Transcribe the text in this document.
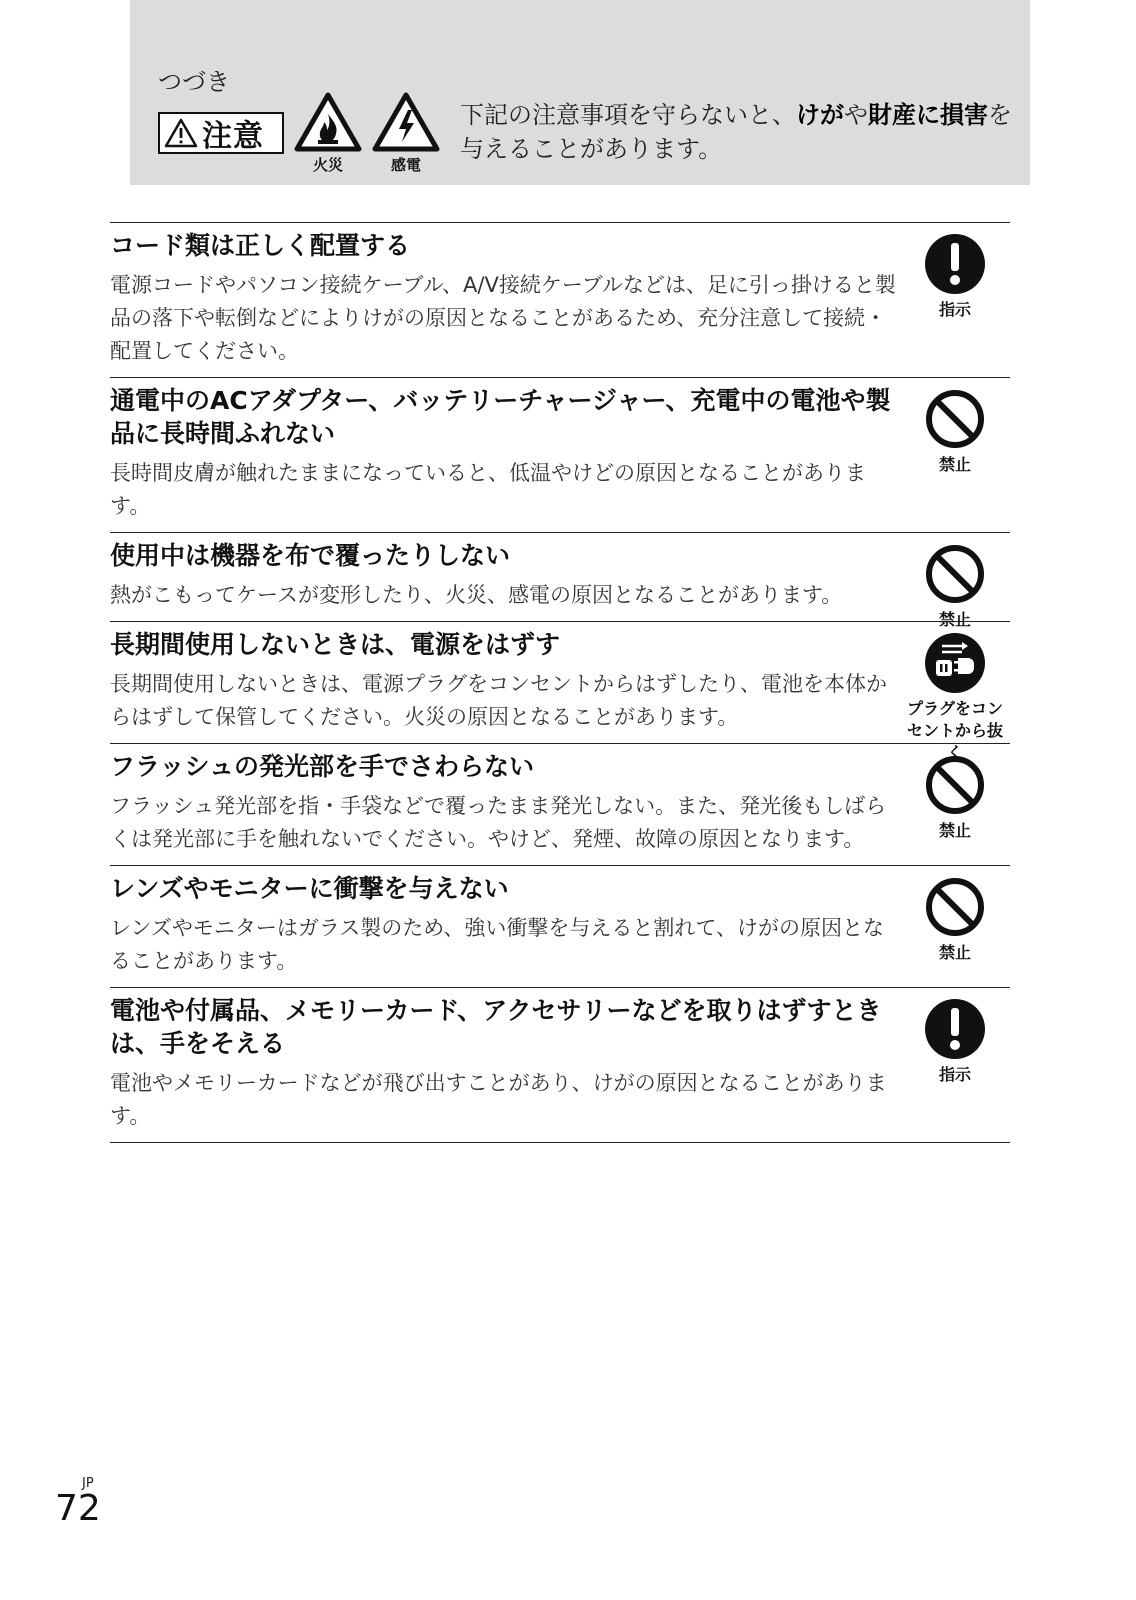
つづき
注意
火災	感電
下記の注意事項を守らないと、けがや財産に損害を与えることがあります。
コード類は正しく配置する

電源コードやパソコン接続ケーブル、A/V接続ケーブルなどは、足に引っ掛けると製品の落下や転倒などによりけがの原因となることがあるため、充分注意して接続・配置してください。

指示
通電中のACアダプター、バッテリーチャージャー、充電中の電池や製品に長時間ふれない

長時間皮膚が触れたままになっていると、低温やけどの原因となることがあります。

禁止
使用中は機器を布で覆ったりしない

熱がこもってケースが変形したり、火災、感電の原因となることがあります。

禁止
長期間使用しないときは、電源をはずす

長期間使用しないときは、電源プラグをコンセントからはずしたり、電池を本体からはずして保管してください。火災の原因となることがあります。	プラグをコンセントから抜く
フラッシュの発光部を手でさわらない

フラッシュ発光部を指・手袋などで覆ったまま発光しない。また、発光後もしばらくは発光部に手を触れないでください。やけど、発煙、故障の原因となります。	禁止
レンズやモニターに衝撃を与えない

レンズやモニターはガラス製のため、強い衝撃を与えると割れて、けがの原因となることがあります。	禁止
電池や付属品、メモリーカード、アクセサリーなどを取りはずすときは、手をそえる

電池やメモリーカードなどが飛び出すことがあり、けがの原因となることがあります。

指示
JP
72
